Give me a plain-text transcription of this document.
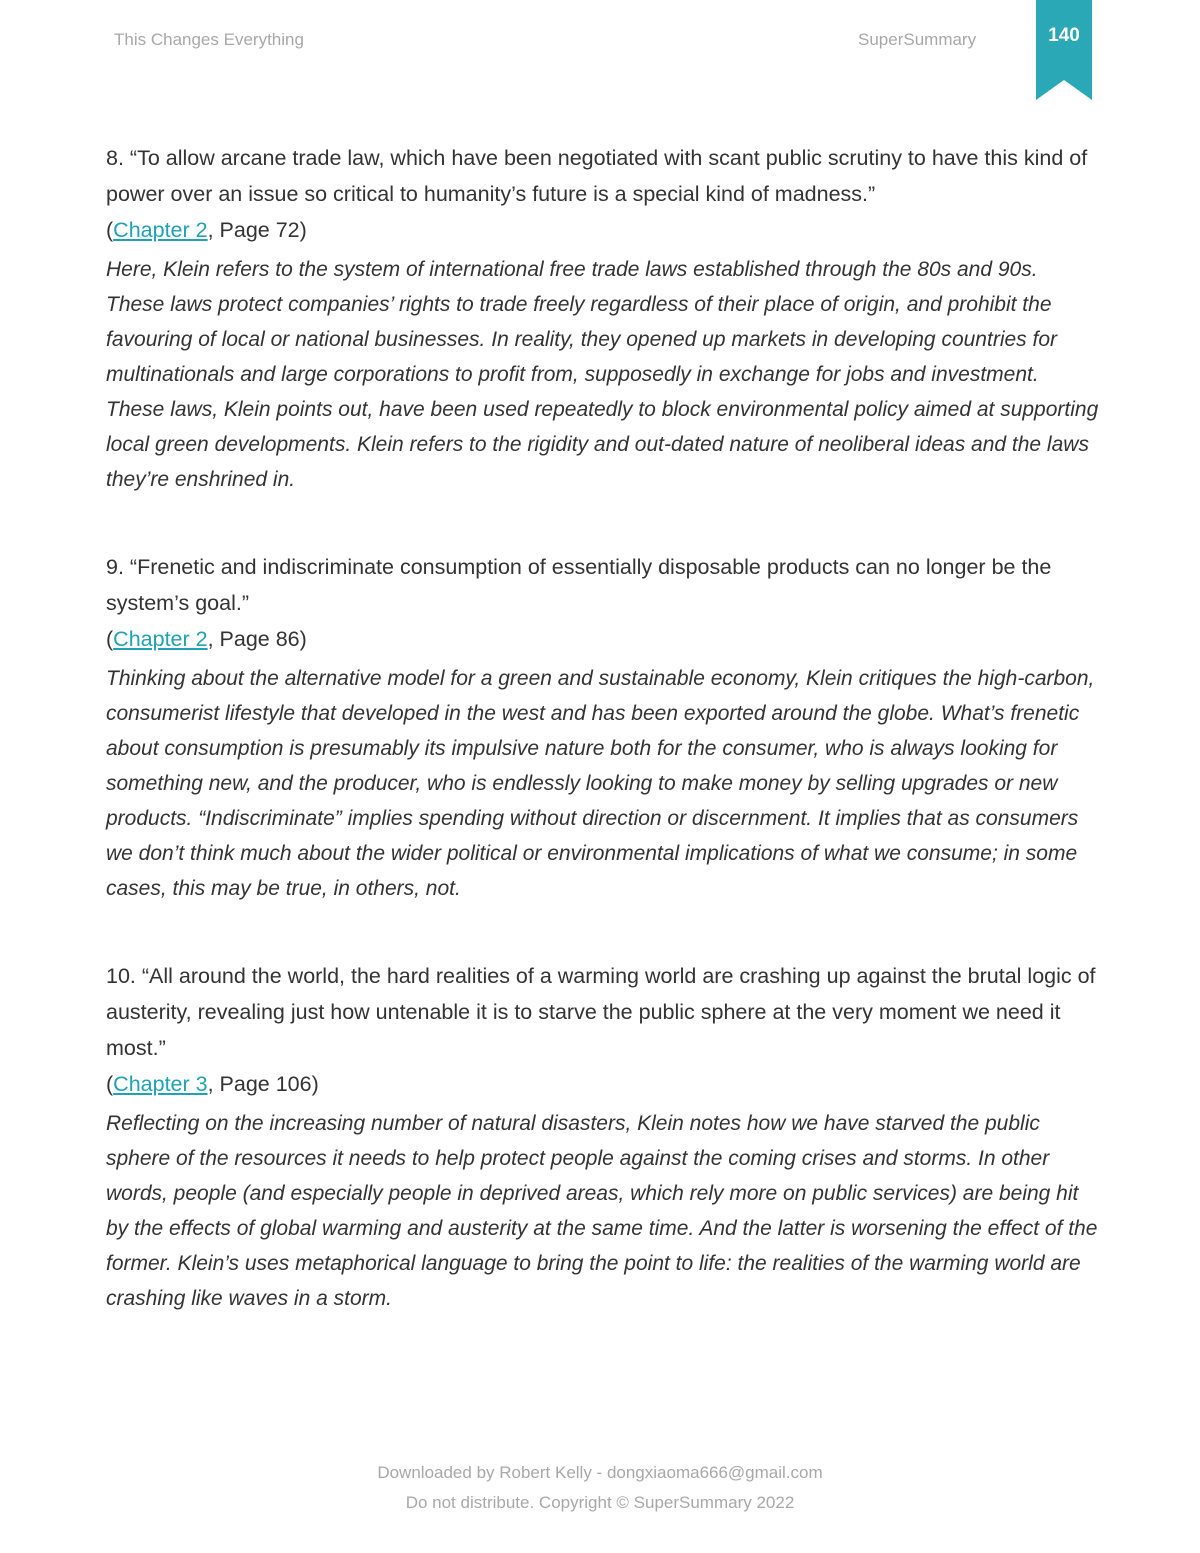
This Changes Everything	SuperSummary	140

8. “To allow arcane trade law, which have been negotiated with scant public scrutiny to have this kind of power over an issue so critical to humanity’s future is a special kind of madness.”

(Chapter 2, Page 72)

Here, Klein refers to the system of international free trade laws established through the 80s and 90s. These laws protect companies’ rights to trade freely regardless of their place of origin, and prohibit the favouring of local or national businesses. In reality, they opened up markets in developing countries for multinationals and large corporations to profit from, supposedly in exchange for jobs and investment. These laws, Klein points out, have been used repeatedly to block environmental policy aimed at supporting local green developments. Klein refers to the rigidity and out-dated nature of neoliberal ideas and the laws they’re enshrined in.

9. “Frenetic and indiscriminate consumption of essentially disposable products can no longer be the system’s goal.”

(Chapter 2, Page 86)

Thinking about the alternative model for a green and sustainable economy, Klein critiques the high-carbon, consumerist lifestyle that developed in the west and has been exported around the globe. What’s frenetic about consumption is presumably its impulsive nature both for the consumer, who is always looking for something new, and the producer, who is endlessly looking to make money by selling upgrades or new products. “Indiscriminate” implies spending without direction or discernment. It implies that as consumers we don’t think much about the wider political or environmental implications of what we consume; in some cases, this may be true, in others, not.

10. “All around the world, the hard realities of a warming world are crashing up against the brutal logic of austerity, revealing just how untenable it is to starve the public sphere at the very moment we need it most.”

(Chapter 3, Page 106)

Reflecting on the increasing number of natural disasters, Klein notes how we have starved the public sphere of the resources it needs to help protect people against the coming crises and storms. In other words, people (and especially people in deprived areas, which rely more on public services) are being hit by the effects of global warming and austerity at the same time. And the latter is worsening the effect of the former. Klein’s uses metaphorical language to bring the point to life: the realities of the warming world are crashing like waves in a storm.

Downloaded by Robert Kelly - dongxiaoma666@gmail.com
Do not distribute. Copyright © SuperSummary 2022
